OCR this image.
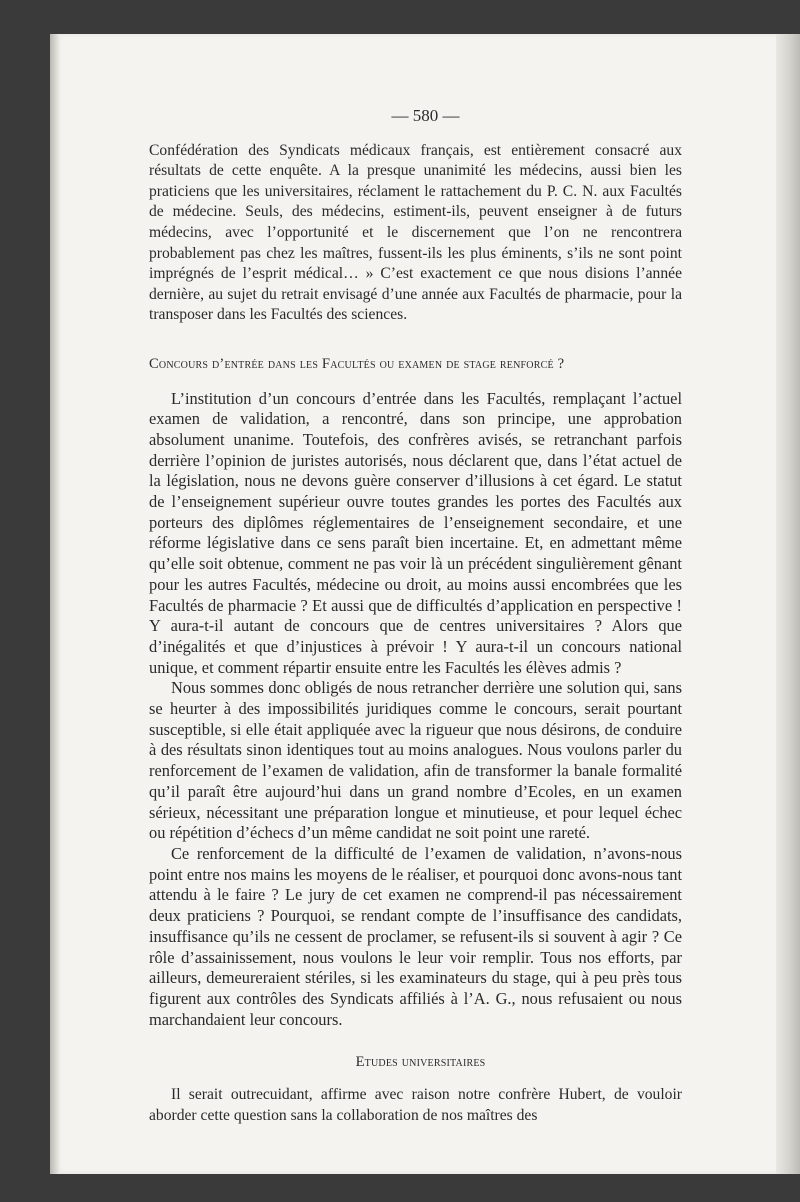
— 580 —

Confédération des Syndicats médicaux français, est entièrement consacré aux résultats de cette enquête. A la presque unanimité les médecins, aussi bien les praticiens que les universitaires, réclament le rattachement du P. C. N. aux Facultés de médecine. Seuls, des médecins, estiment-ils, peuvent enseigner à de futurs médecins, avec l’opportunité et le discernement que l’on ne rencontrera probablement pas chez les maîtres, fussent-ils les plus éminents, s’ils ne sont point imprégnés de l’esprit médical… » C’est exactement ce que nous disions l’année dernière, au sujet du retrait envisagé d’une année aux Facultés de pharmacie, pour la transposer dans les Facultés des sciences.

Concours d’entrée dans les Facultés ou examen de stage renforcé ?

L’institution d’un concours d’entrée dans les Facultés, remplaçant l’actuel examen de validation, a rencontré, dans son principe, une approbation absolument unanime. Toutefois, des confrères avisés, se retranchant parfois derrière l’opinion de juristes autorisés, nous déclarent que, dans l’état actuel de la législation, nous ne devons guère conserver d’illusions à cet égard. Le statut de l’enseignement supérieur ouvre toutes grandes les portes des Facultés aux porteurs des diplômes réglementaires de l’enseignement secondaire, et une réforme législative dans ce sens paraît bien incertaine. Et, en admettant même qu’elle soit obtenue, comment ne pas voir là un précédent singulièrement gênant pour les autres Facultés, médecine ou droit, au moins aussi encombrées que les Facultés de pharmacie ? Et aussi que de difficultés d’application en perspective ! Y aura-t-il autant de concours que de centres universitaires ? Alors que d’inégalités et que d’injustices à prévoir ! Y aura-t-il un concours national unique, et comment répartir ensuite entre les Facultés les élèves admis ?

Nous sommes donc obligés de nous retrancher derrière une solution qui, sans se heurter à des impossibilités juridiques comme le concours, serait pourtant susceptible, si elle était appliquée avec la rigueur que nous désirons, de conduire à des résultats sinon identiques tout au moins analogues. Nous voulons parler du renforcement de l’examen de validation, afin de transformer la banale formalité qu’il paraît être aujourd’hui dans un grand nombre d’Ecoles, en un examen sérieux, nécessitant une préparation longue et minutieuse, et pour lequel échec ou répétition d’échecs d’un même candidat ne soit point une rareté.

Ce renforcement de la difficulté de l’examen de validation, n’avons-nous point entre nos mains les moyens de le réaliser, et pourquoi donc avons-nous tant attendu à le faire ? Le jury de cet examen ne comprend-il pas nécessairement deux praticiens ? Pourquoi, se rendant compte de l’insuffisance des candidats, insuffisance qu’ils ne cessent de proclamer, se refusent-ils si souvent à agir ? Ce rôle d’assainissement, nous voulons le leur voir remplir. Tous nos efforts, par ailleurs, demeureraient stériles, si les examinateurs du stage, qui à peu près tous figurent aux contrôles des Syndicats affiliés à l’A. G., nous refusaient ou nous marchandaient leur concours.

Etudes universitaires

Il serait outrecuidant, affirme avec raison notre confrère Hubert, de vouloir aborder cette question sans la collaboration de nos maîtres des
